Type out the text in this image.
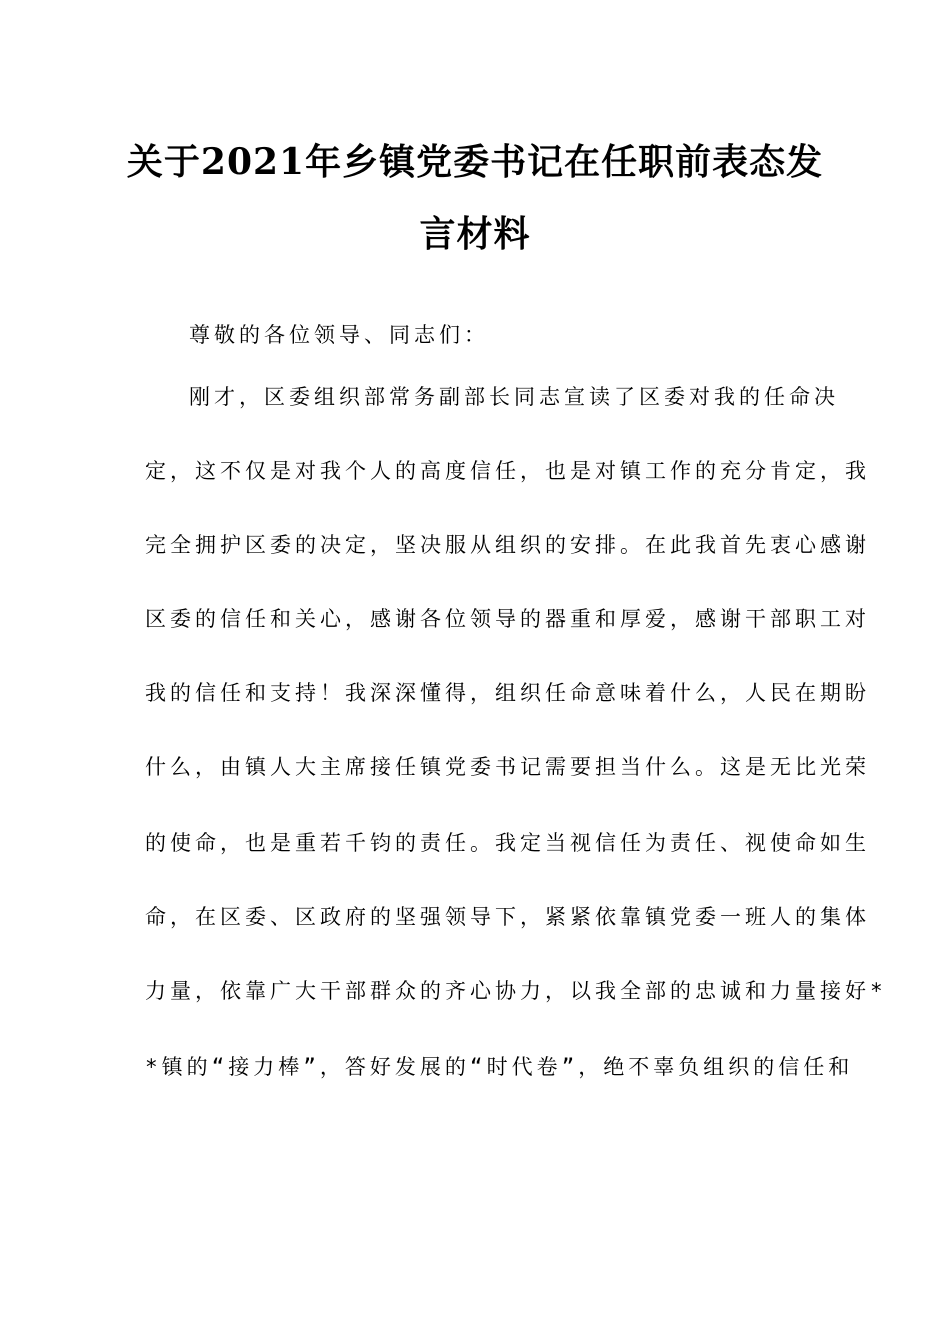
关于2021年乡镇党委书记在任职前表态发
言材料
尊敬的各位领导、同志们：
刚才，区委组织部常务副部长同志宣读了区委对我的任命决
定，这不仅是对我个人的高度信任，也是对镇工作的充分肯定，我
完全拥护区委的决定，坚决服从组织的安排。在此我首先衷心感谢
区委的信任和关心，感谢各位领导的器重和厚爱，感谢干部职工对
我的信任和支持！我深深懂得，组织任命意味着什么，人民在期盼
什么，由镇人大主席接任镇党委书记需要担当什么。这是无比光荣
的使命，也是重若千钧的责任。我定当视信任为责任、视使命如生
命，在区委、区政府的坚强领导下，紧紧依靠镇党委一班人的集体
力量，依靠广大干部群众的齐心协力，以我全部的忠诚和力量接好*
*镇的“接力棒”，答好发展的“时代卷”，绝不辜负组织的信任和
